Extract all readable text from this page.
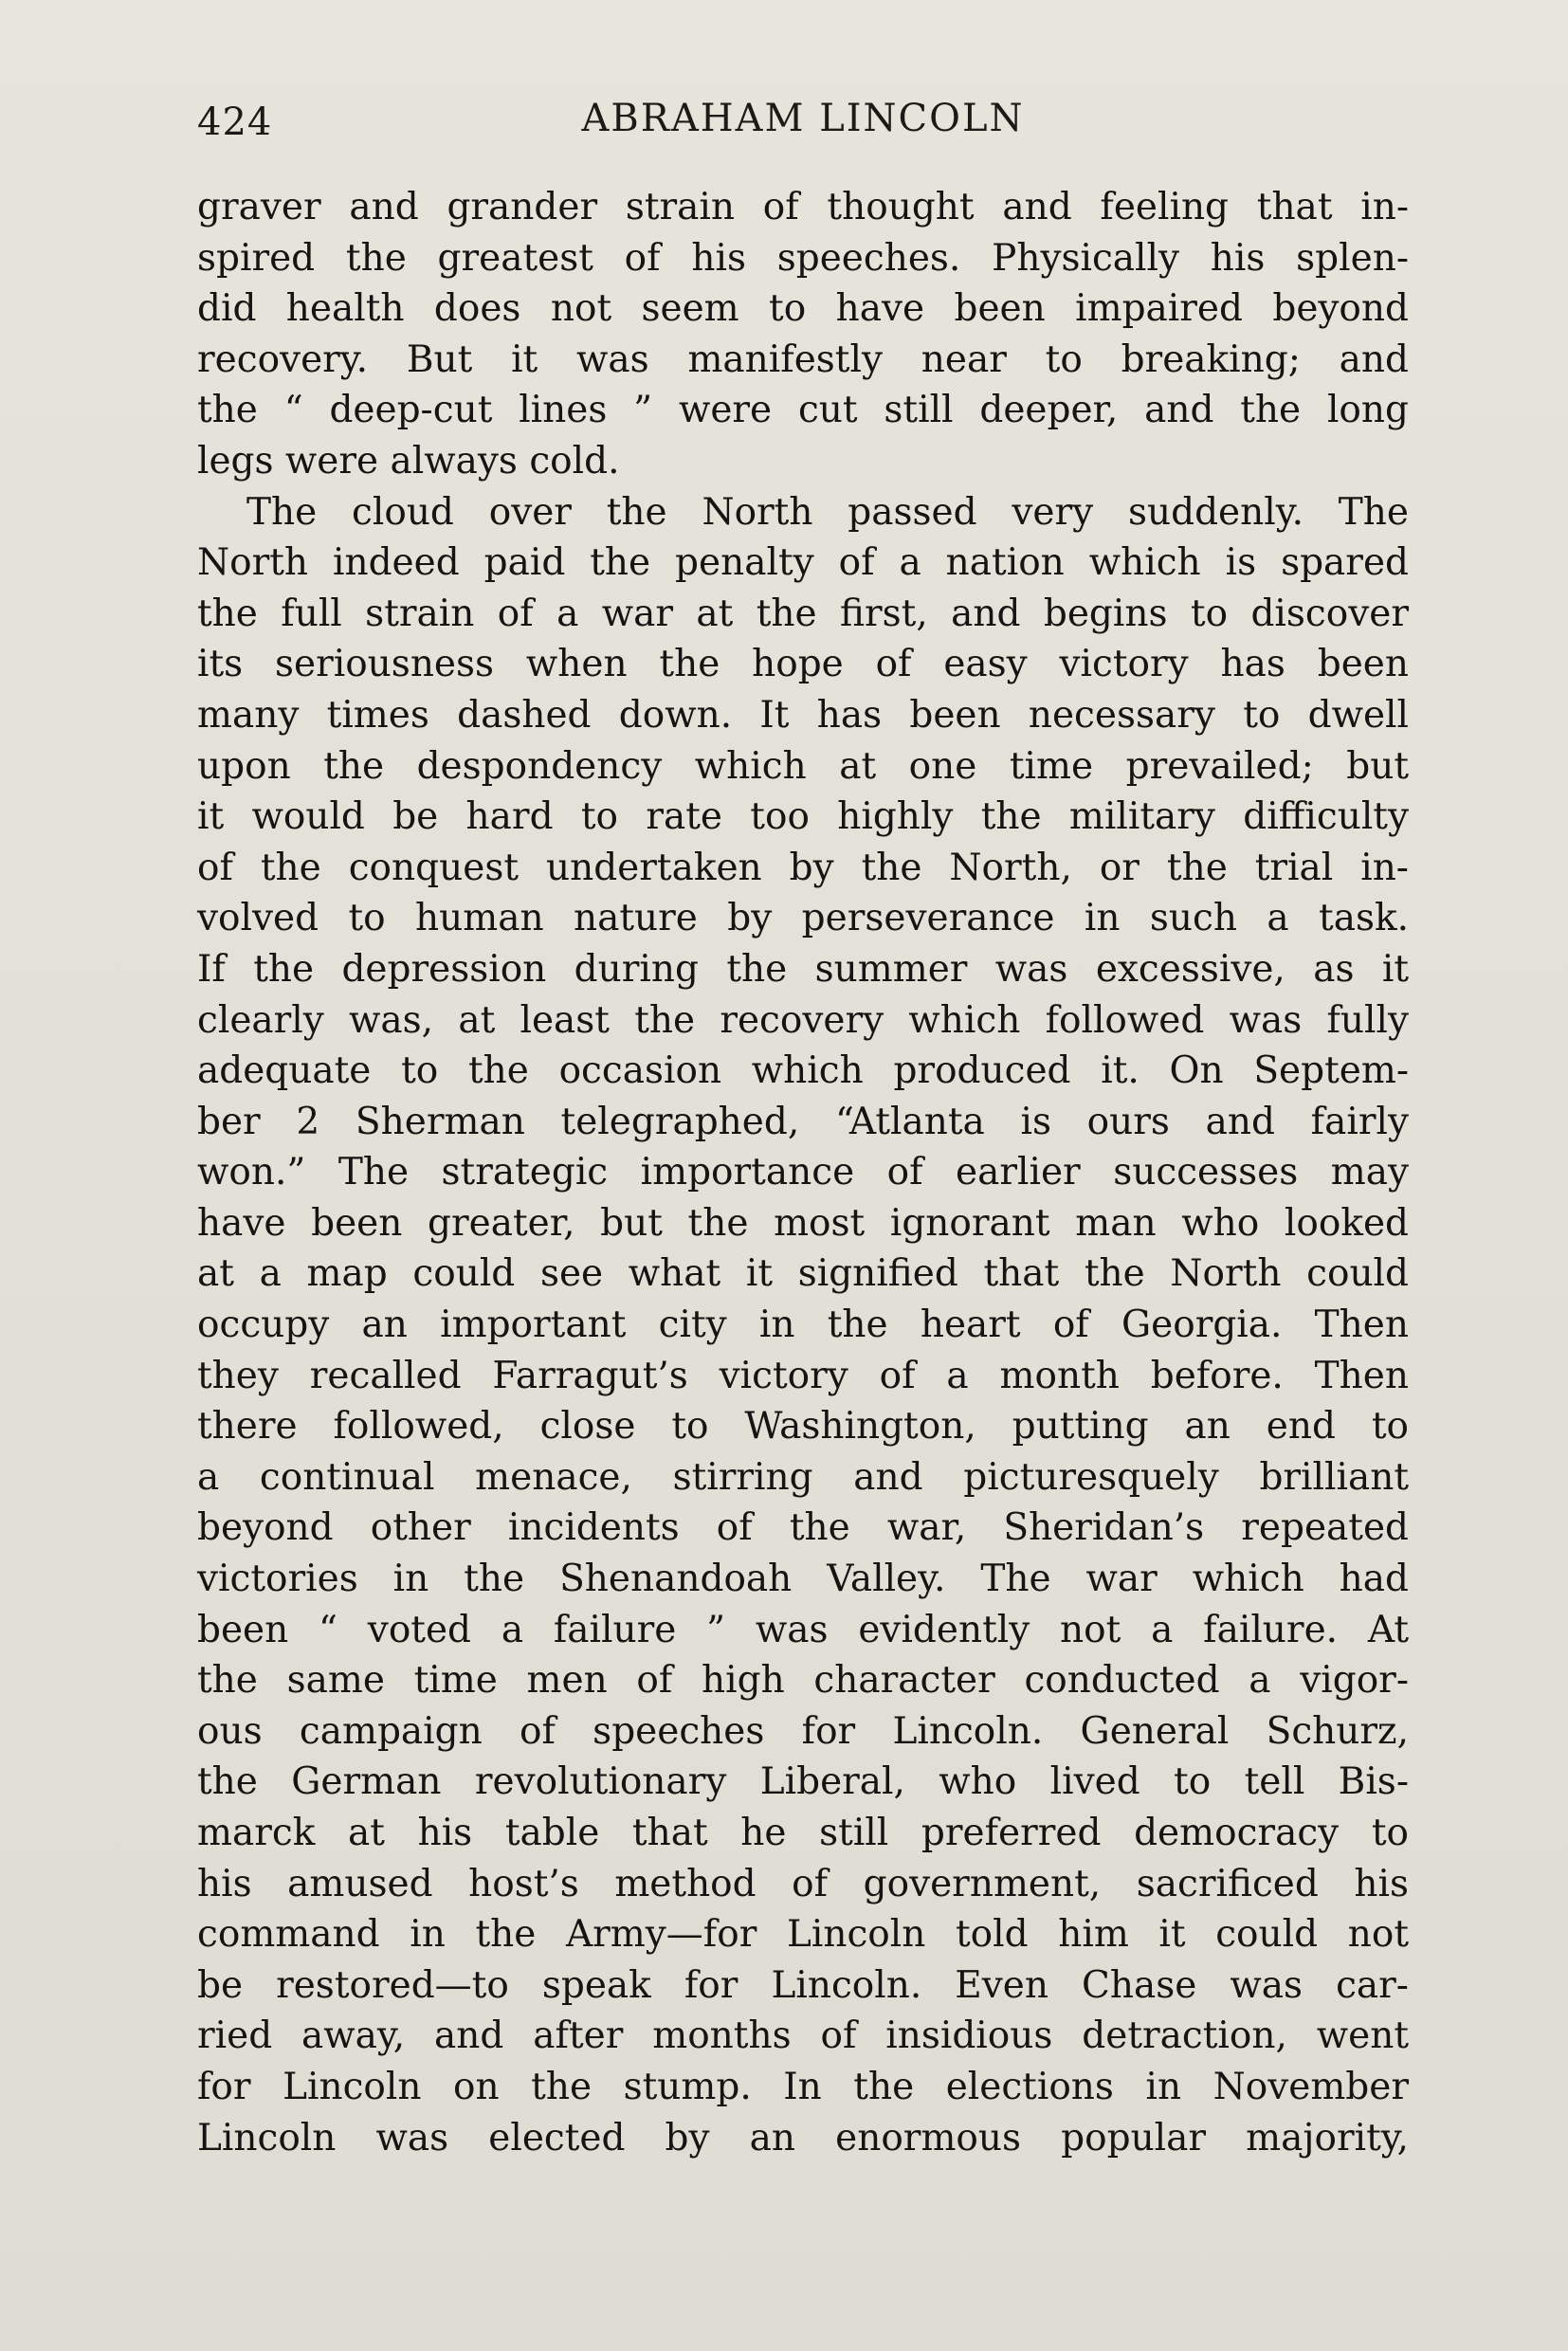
424	ABRAHAM LINCOLN
graver and grander strain of thought and feeling that in-
spired the greatest of his speeches. Physically his splen-
did health does not seem to have been impaired beyond
recovery. But it was manifestly near to breaking; and
the “ deep-cut lines ” were cut still deeper, and the long
legs were always cold.
The cloud over the North passed very suddenly. The
North indeed paid the penalty of a nation which is spared
the full strain of a war at the first, and begins to discover
its seriousness when the hope of easy victory has been
many times dashed down. It has been necessary to dwell
upon the despondency which at one time prevailed; but
it would be hard to rate too highly the military difficulty
of the conquest undertaken by the North, or the trial in-
volved to human nature by perseverance in such a task.
If the depression during the summer was excessive, as it
clearly was, at least the recovery which followed was fully
adequate to the occasion which produced it. On Septem-
ber 2 Sherman telegraphed, “Atlanta is ours and fairly
won.” The strategic importance of earlier successes may
have been greater, but the most ignorant man who looked
at a map could see what it signified that the North could
occupy an important city in the heart of Georgia. Then
they recalled Farragut’s victory of a month before. Then
there followed, close to Washington, putting an end to
a continual menace, stirring and picturesquely brilliant
beyond other incidents of the war, Sheridan’s repeated
victories in the Shenandoah Valley. The war which had
been “ voted a failure ” was evidently not a failure. At
the same time men of high character conducted a vigor-
ous campaign of speeches for Lincoln. General Schurz,
the German revolutionary Liberal, who lived to tell Bis-
marck at his table that he still preferred democracy to
his amused host’s method of government, sacrificed his
command in the Army—for Lincoln told him it could not
be restored—to speak for Lincoln. Even Chase was car-
ried away, and after months of insidious detraction, went
for Lincoln on the stump. In the elections in November
Lincoln was elected by an enormous popular majority,
